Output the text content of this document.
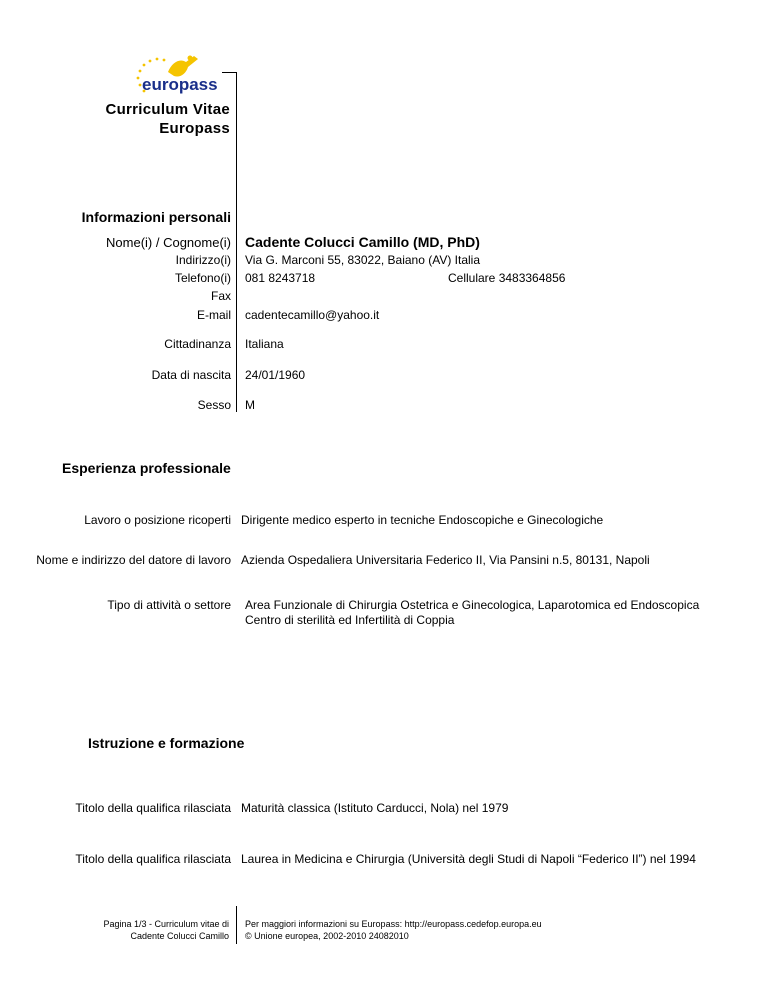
europass
Curriculum Vitae
Europass
Informazioni personali
Nome(i) / Cognome(i) Cadente Colucci Camillo (MD, PhD)
Indirizzo(i) Via G. Marconi 55, 83022, Baiano (AV) Italia
Telefono(i) 081 8243718	Cellulare 3483364856
Fax
E-mail cadentecamillo@yahoo.it
Cittadinanza Italiana
Data di nascita 24/01/1960
Sesso M
Esperienza professionale
Lavoro o posizione ricoperti Dirigente medico esperto in tecniche Endoscopiche e Ginecologiche
Nome e indirizzo del datore di lavoro Azienda Ospedaliera Universitaria Federico II, Via Pansini n.5, 80131, Napoli
Tipo di attività o settore Area Funzionale di Chirurgia Ostetrica e Ginecologica, Laparotomica ed Endoscopica Centro di sterilità ed Infertilità di Coppia
Istruzione e formazione
Titolo della qualifica rilasciata Maturità classica (Istituto Carducci, Nola) nel 1979
Titolo della qualifica rilasciata Laurea in Medicina e Chirurgia (Università degli Studi di Napoli “Federico II”) nel 1994
Pagina 1/3 - Curriculum vitae di
Cadente Colucci Camillo
Per maggiori informazioni su Europass: http://europass.cedefop.europa.eu
© Unione europea, 2002-2010 24082010
